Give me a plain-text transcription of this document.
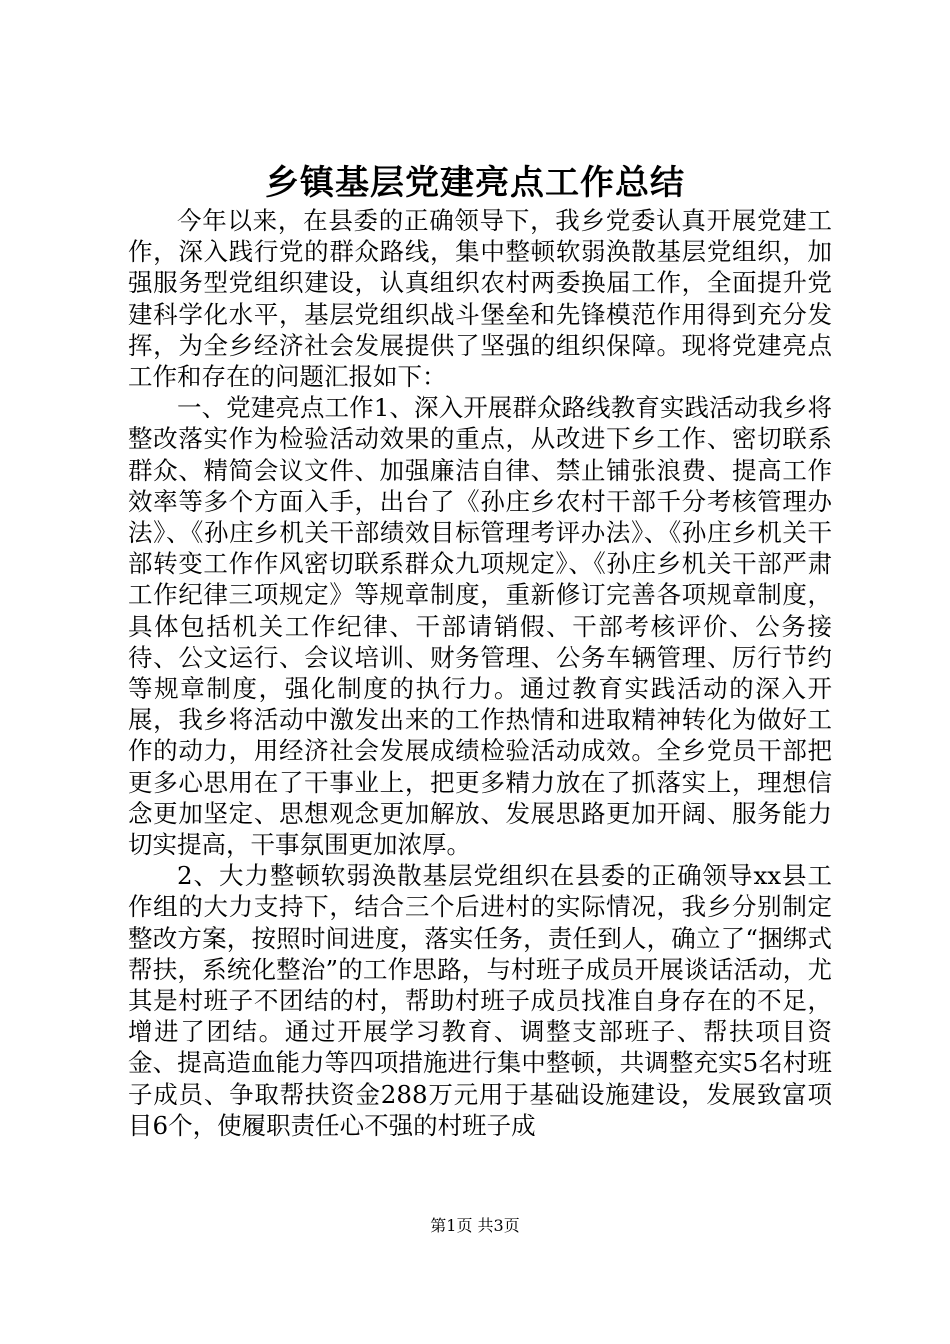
乡镇基层党建亮点工作总结

今年以来，在县委的正确领导下，我乡党委认真开展党建工作，深入践行党的群众路线，集中整顿软弱涣散基层党组织，加强服务型党组织建设，认真组织农村两委换届工作，全面提升党建科学化水平，基层党组织战斗堡垒和先锋模范作用得到充分发挥，为全乡经济社会发展提供了坚强的组织保障。现将党建亮点工作和存在的问题汇报如下：

一、党建亮点工作1、深入开展群众路线教育实践活动我乡将整改落实作为检验活动效果的重点，从改进下乡工作、密切联系群众、精简会议文件、加强廉洁自律、禁止铺张浪费、提高工作效率等多个方面入手，出台了《孙庄乡农村干部千分考核管理办法》、《孙庄乡机关干部绩效目标管理考评办法》、《孙庄乡机关干部转变工作作风密切联系群众九项规定》、《孙庄乡机关干部严肃工作纪律三项规定》等规章制度，重新修订完善各项规章制度，具体包括机关工作纪律、干部请销假、干部考核评价、公务接待、公文运行、会议培训、财务管理、公务车辆管理、厉行节约等规章制度，强化制度的执行力。通过教育实践活动的深入开展，我乡将活动中激发出来的工作热情和进取精神转化为做好工作的动力，用经济社会发展成绩检验活动成效。全乡党员干部把更多心思用在了干事业上，把更多精力放在了抓落实上，理想信念更加坚定、思想观念更加解放、发展思路更加开阔、服务能力切实提高，干事氛围更加浓厚。

2、大力整顿软弱涣散基层党组织在县委的正确领导xx县工作组的大力支持下，结合三个后进村的实际情况，我乡分别制定整改方案，按照时间进度，落实任务，责任到人，确立了“捆绑式帮扶，系统化整治”的工作思路，与村班子成员开展谈话活动，尤其是村班子不团结的村，帮助村班子成员找准自身存在的不足，增进了团结。通过开展学习教育、调整支部班子、帮扶项目资金、提高造血能力等四项措施进行集中整顿，共调整充实5名村班子成员、争取帮扶资金288万元用于基础设施建设，发展致富项目6个，使履职责任心不强的村班子成

第1页 共3页
